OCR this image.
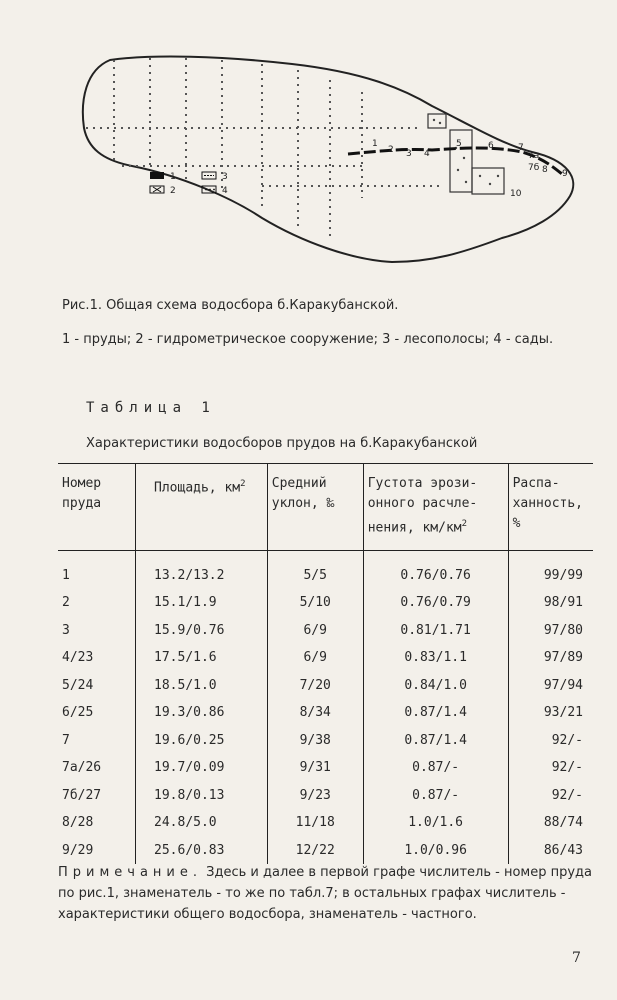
1
2 3 4
5	6	7
7а
7б 8 9
10
1
2
3
4
Рис.1. Общая схема водосбора б.Каракубанской.
1 - пруды; 2 - гидрометрическое сооружение; 3 - лесополосы; 4 - сады.
Таблица 1
Характеристики водосборов прудов на б.Каракубанской
Номер пруда	Площадь, $км^2$	Средний уклон, ‰	Густота эрози-онного расчле-нения, $км/км^2$	Распа-ханность, %
1	13.2/13.2	5/5	0.76/0.76	99/99
2	15.1/1.9	5/10	0.76/0.79	98/91
3	15.9/0.76	6/9	0.81/1.71	97/80
4/23	17.5/1.6	6/9	0.83/1.1	97/89
5/24	18.5/1.0	7/20	0.84/1.0	97/94
6/25	19.3/0.86	8/34	0.87/1.4	93/21
7	19.6/0.25	9/38	0.87/1.4	92/-
7а/26	19.7/0.09	9/31	0.87/-	92/-
7б/27	19.8/0.13	9/23	0.87/-	92/-
8/28	24.8/5.0	11/18	1.0/1.6	88/74
9/29	25.6/0.83	12/22	1.0/0.96	86/43
Примечание. Здесь и далее в первой графе числитель - номер пруда по рис.1, знаменатель - то же по табл.7; в остальных графах числитель - характеристики общего водосбора, знаменатель - частного.
7
